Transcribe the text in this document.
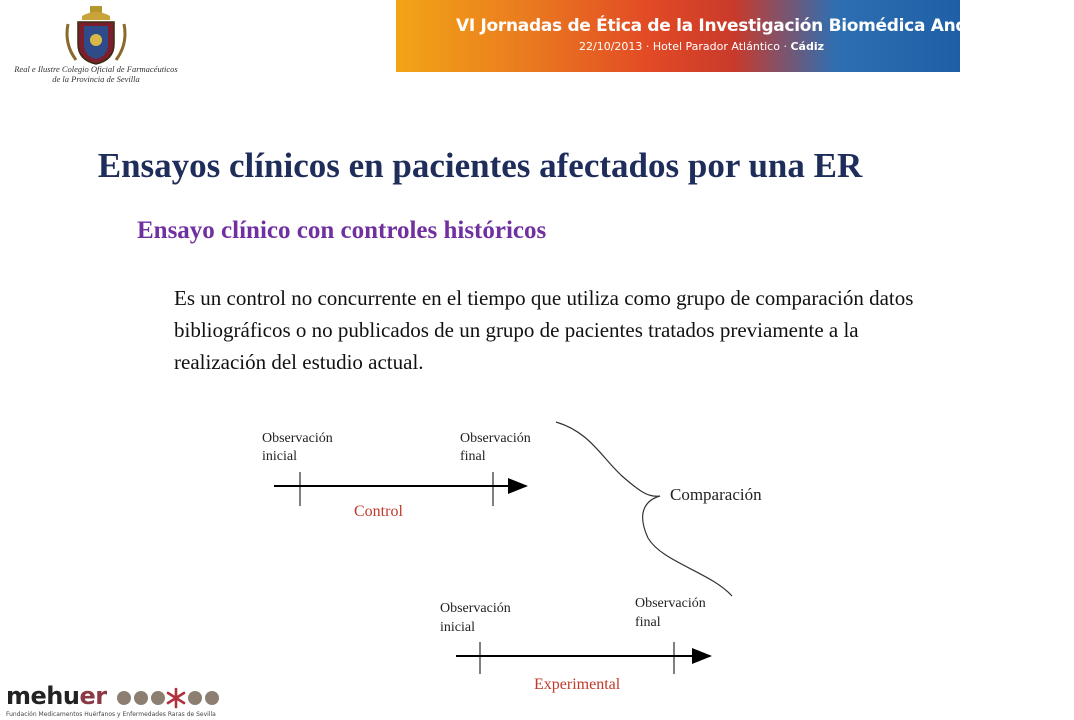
Real e Ilustre Colegio Oficial de Farmacéuticos
de la Provincia de Sevilla
VI Jornadas de Ética de la Investigación Biomédica Andalucía 2013
22/10/2013 · Hotel Parador Atlántico · Cádiz
Ensayos clínicos en pacientes afectados por una ER
Ensayo clínico con controles históricos
Es un control no concurrente en el tiempo que utiliza como grupo de comparación datos bibliográficos o no publicados de un grupo de pacientes tratados previamente a la realización del estudio actual.
Observación
inicial
Observación
final
Control
Comparación
Observación
inicial
Observación
final
Experimental
mehuer
Fundación Medicamentos Huérfanos y Enfermedades Raras de Sevilla
